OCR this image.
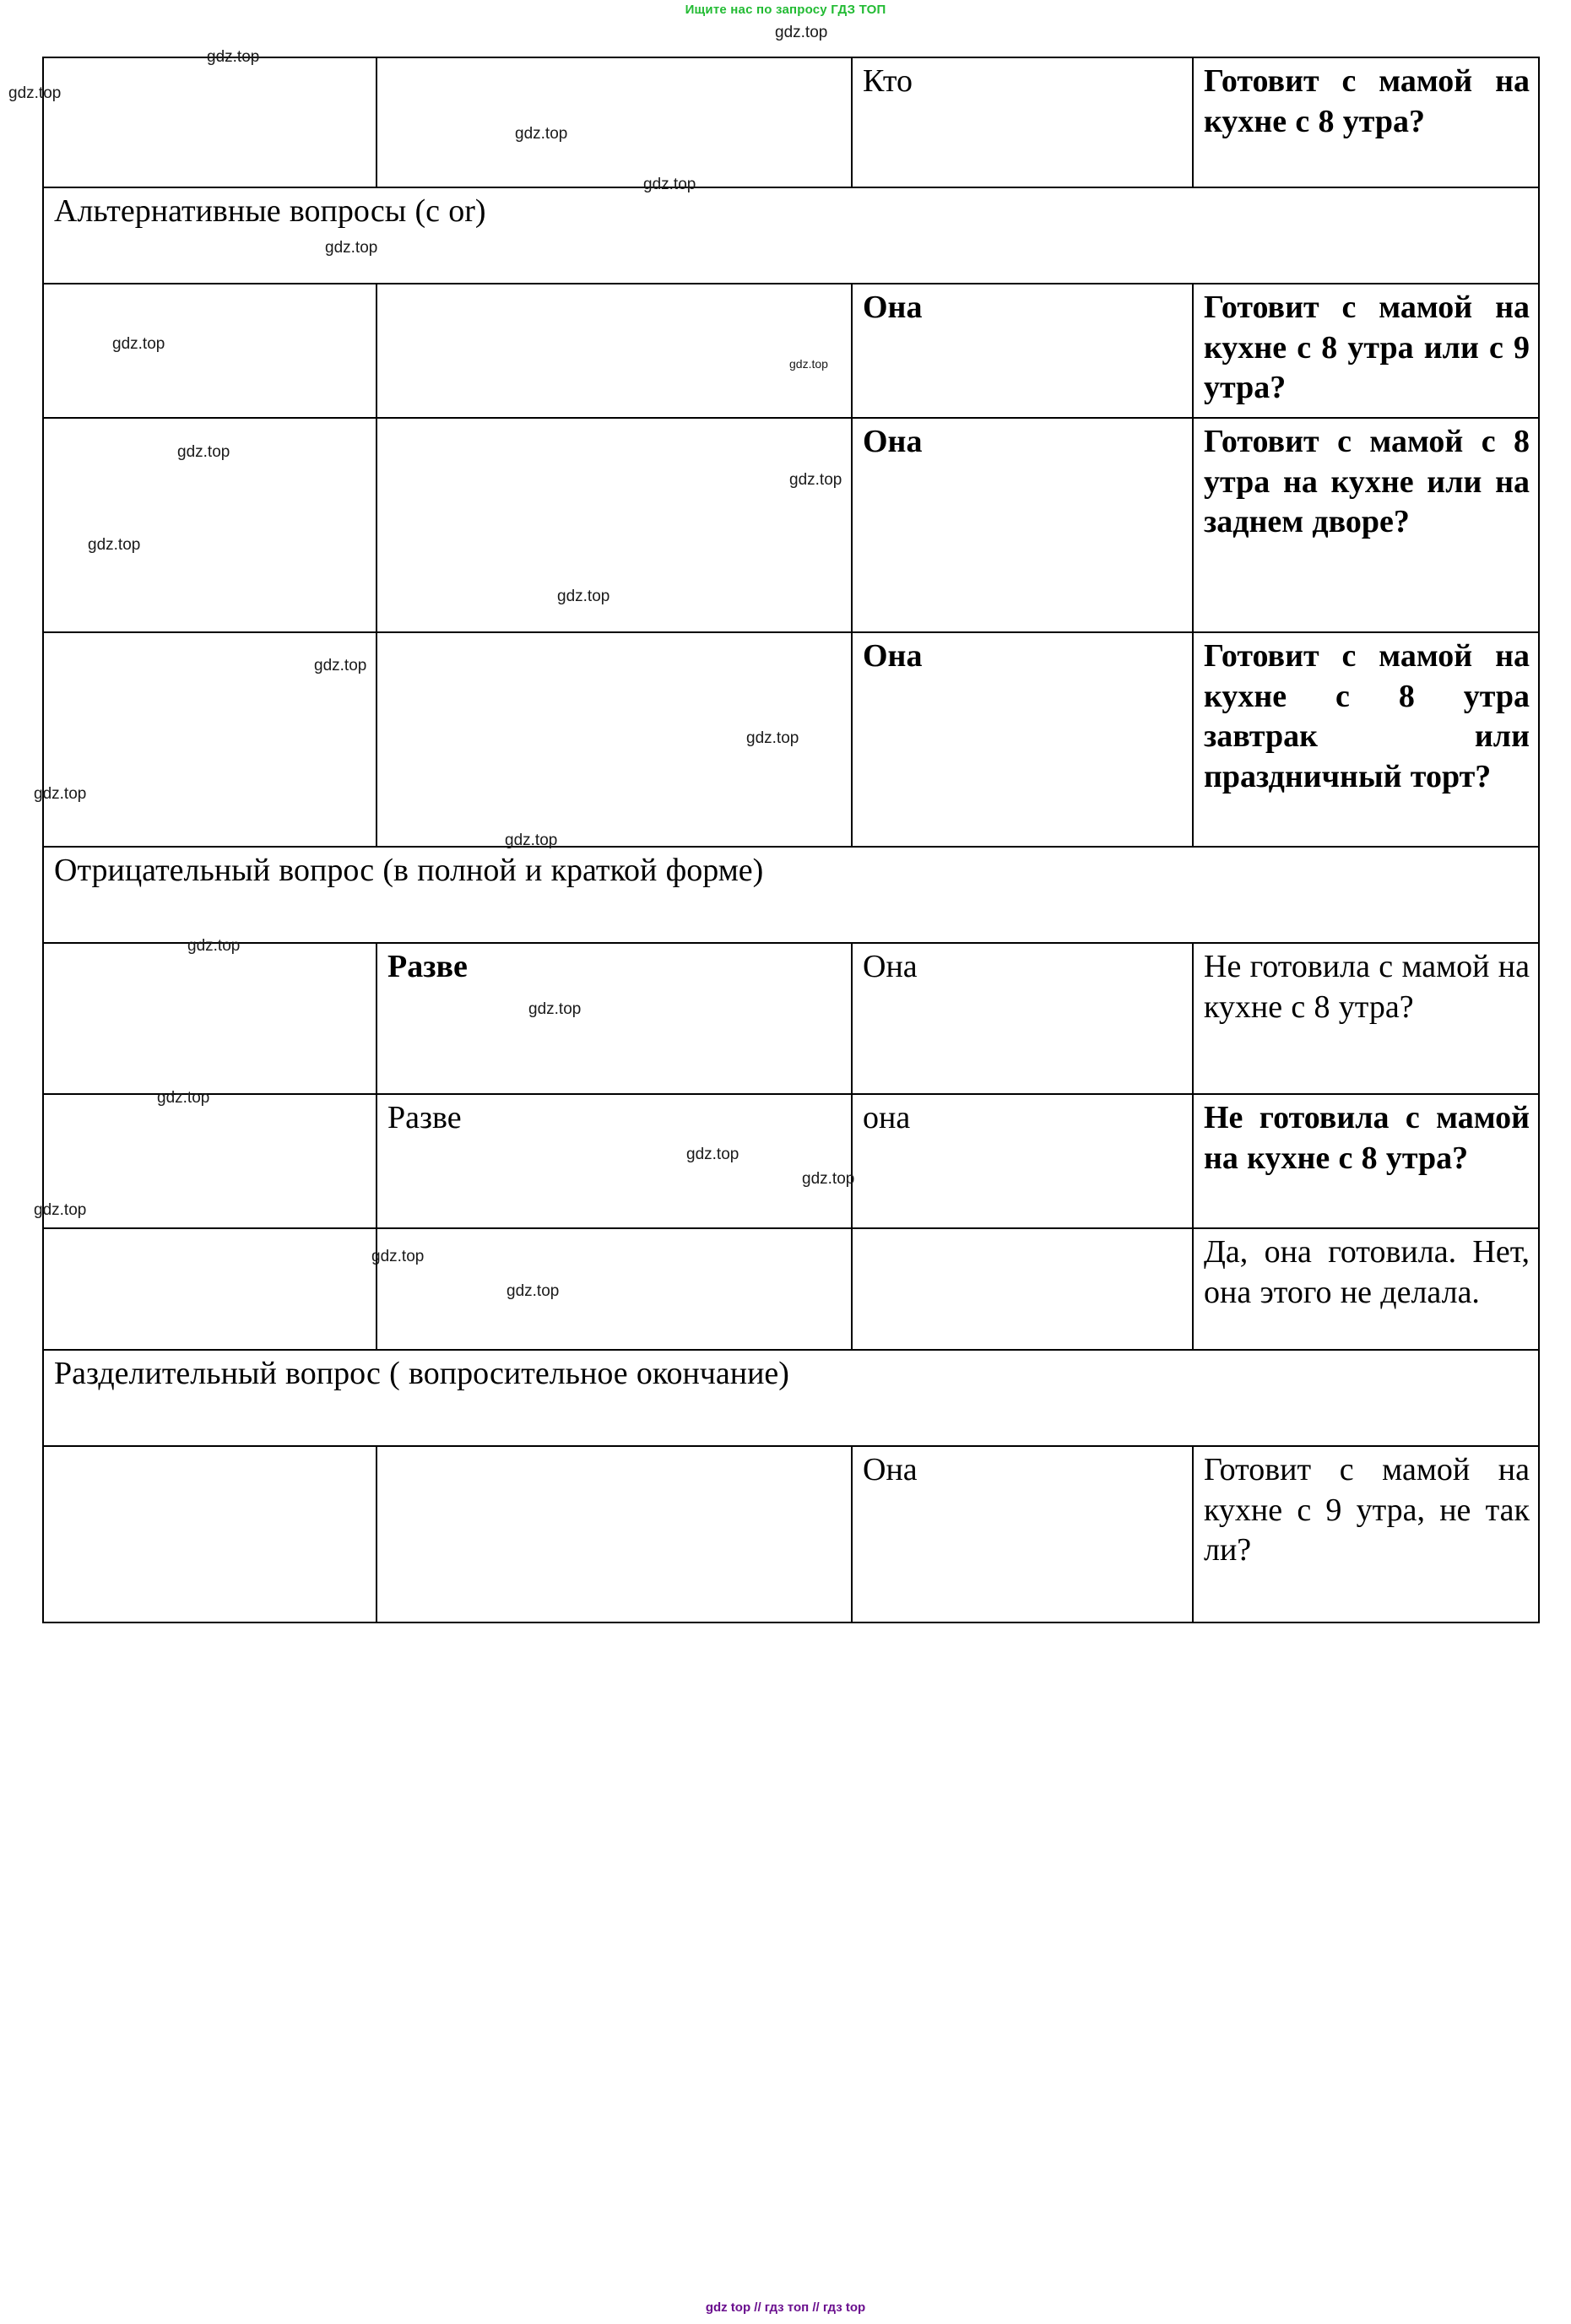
Ищите нас по запросу ГДЗ ТОП

		Кто	Готовит с мамой на кухне с 8 утра?

Альтернативные вопросы (с or)			

		Она	Готовит с мамой на кухне с 8 утра или с 9 утра?

		Она	Готовит с мамой с 8 утра на кухне или на заднем дворе?

		Она	Готовит с мамой на кухне с 8 утра завтрак или праздничный торт?

Отрицательный вопрос (в полной и краткой форме)			

	Разве	Она	Не готовила с мамой на кухне с 8 утра?

	Разве	она	Не готовила с мамой на кухне с 8 утра?

			Да, она готовила. Нет, она этого не делала.

Разделительный вопрос ( вопросительное окончание)			

		Она	Готовит с мамой на кухне с 9 утра, не так ли?
gdz.top
gdz.top
gdz.top
gdz.top
gdz.top
gdz.top
gdz.top
gdz.top
gdz.top
gdz.top
gdz.top
gdz.top
gdz.top
gdz.top
gdz.top
gdz.top
gdz.top
gdz.top
gdz.top
gdz.top
gdz.top
gdz.top
gdz.top
gdz.top
gdz top // гдз топ // гдз top
